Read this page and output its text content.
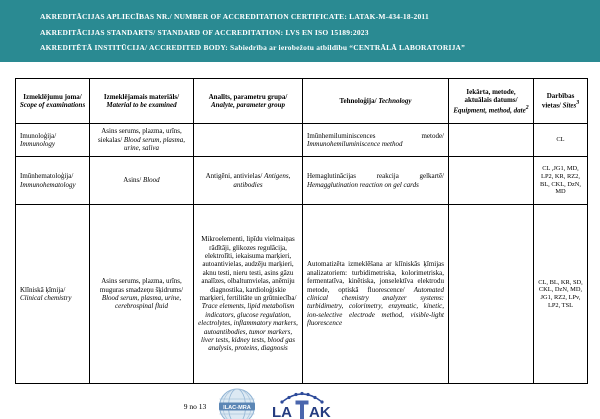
AKREDITĀCIJAS APLIECĪBAS NR./ NUMBER OF ACCREDITATION CERTIFICATE: LATAK-M-434-18-2011
AKREDITĀCIJAS STANDARTS/ STANDARD OF ACCREDITATION: LVS EN ISO 15189:2023
AKREDITĒTĀ INSTITŪCIJA/ ACCREDITED BODY: Sabiedrība ar ierobežotu atbildību “CENTRĀLĀ LABORATORIJA”
Izmeklējumu joma/ Scope of examinations	Izmeklējamais materiāls/ Material to be examined	Analīts, parametru grupa/ Analyte, parameter group	Tehnoloģija/ Technology	Iekārta, metode, aktuālais datums/ Equipment, method, date$^2$	Darbības vietas/ Sites$^3$

Imunoloģija/
Immunology	Asins serums, plazma, urīns, siekalas/ Blood serum, plasma, urine, saliva		Imūnhemiluminiscences metode/ Immunohemiluminiscence method		CL

Imūnhematoloģija/
Immunohematology	Asins/ Blood	Antigēni, antivielas/ Antigens, antibodies	Hemaglutinācijas reakcija gelkartē/ Hemagglutination reaction on gel cards		CL ,JG1, MD, LP2, KR, RZ2, BL, CKL, DzN, MD

Klīniskā ķīmija/
Clinical chemistry
	Asins serums, plazma, urīns, muguras smadzeņu šķidrums/ Blood serum, plasma, urine, cerebrospinal fluid	Mikroelementi, lipīdu vielmaiņas rādītāji, glikozes regulācija, elektrolīti, iekaisuma marķieri, autoantivielas, audzēju marķieri, aknu testi, nieru testi, asins gāzu analīzes, olbaltumvielas, anēmiju diagnostika, kardioloģiskie marķieri, fertilitāte un grūtniecība/ Trace elements, lipid metabolism indicators, glucose regulation, electrolytes, inflammatory markers, autoantibodies, tumor markers, liver tests, kidney tests, blood gas analysis, proteins, diagnosis	Automatizēta izmeklēšana ar klīniskās ķīmijas analizatoriem: turbidimetriska, kolorimetriska, fermentatīva, kinētiska, jonselektīva elektrodu metode, optiskā fluorescence/ Automated clinical chemistry analyzer systems: turbidimetry, colorimetry, enzymatic, kinetic, ion-selective electrode method, visible-light fluorescence		CL, BL, KR, SD, CKL, DzN, MD, JG1, RZ2, LPv, LP2, TSL
9 no 13	ILAC-MRA LA AK
